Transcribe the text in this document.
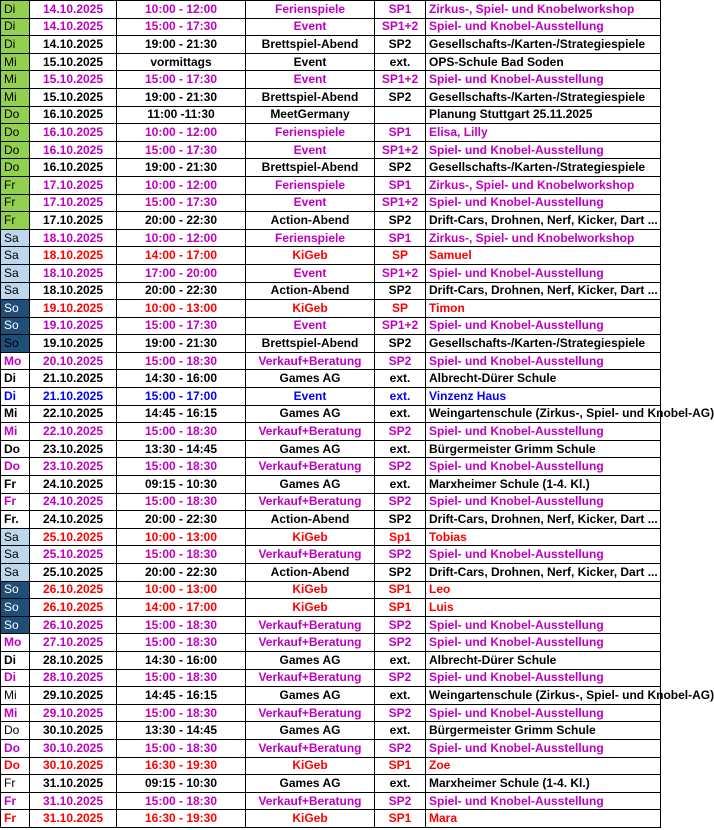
Di	14.10.2025	10:00 - 12:00	Ferienspiele	SP1	Zirkus-, Spiel- und Knobelworkshop
Di	14.10.2025	15:00 - 17:30	Event	SP1+2	Spiel- und Knobel-Ausstellung
Di	14.10.2025	19:00 - 21:30	Brettspiel-Abend	SP2	Gesellschafts-/Karten-/Strategiespiele
Mi	15.10.2025	vormittags	Event	ext.	OPS-Schule Bad Soden
Mi	15.10.2025	15:00 - 17:30	Event	SP1+2	Spiel- und Knobel-Ausstellung
Mi	15.10.2025	19:00 - 21:30	Brettspiel-Abend	SP2	Gesellschafts-/Karten-/Strategiespiele
Do	16.10.2025	11:00 -11:30	MeetGermany		Planung Stuttgart 25.11.2025
Do	16.10.2025	10:00 - 12:00	Ferienspiele	SP1	Elisa, Lilly
Do	16.10.2025	15:00 - 17:30	Event	SP1+2	Spiel- und Knobel-Ausstellung
Do	16.10.2025	19:00 - 21:30	Brettspiel-Abend	SP2	Gesellschafts-/Karten-/Strategiespiele
Fr	17.10.2025	10:00 - 12:00	Ferienspiele	SP1	Zirkus-, Spiel- und Knobelworkshop
Fr	17.10.2025	15:00 - 17:30	Event	SP1+2	Spiel- und Knobel-Ausstellung
Fr	17.10.2025	20:00 - 22:30	Action-Abend	SP2	Drift-Cars, Drohnen, Nerf, Kicker, Dart ...
Sa	18.10.2025	10:00 - 12:00	Ferienspiele	SP1	Zirkus-, Spiel- und Knobelworkshop
Sa	18.10.2025	14:00 - 17:00	KiGeb	SP	Samuel
Sa	18.10.2025	17:00 - 20:00	Event	SP1+2	Spiel- und Knobel-Ausstellung
Sa	18.10.2025	20:00 - 22:30	Action-Abend	SP2	Drift-Cars, Drohnen, Nerf, Kicker, Dart ...
So	19.10.2025	10:00 - 13:00	KiGeb	SP	Timon
So	19.10.2025	15:00 - 17:30	Event	SP1+2	Spiel- und Knobel-Ausstellung
So	19.10.2025	19:00 - 21:30	Brettspiel-Abend	SP2	Gesellschafts-/Karten-/Strategiespiele
Mo	20.10.2025	15:00 - 18:30	Verkauf+Beratung	SP2	Spiel- und Knobel-Ausstellung
Di	21.10.2025	14:30 - 16:00	Games AG	ext.	Albrecht-Dürer Schule
Di	21.10.2025	15:00 - 17:00	Event	ext.	Vinzenz Haus
Mi	22.10.2025	14:45 - 16:15	Games AG	ext.	Weingartenschule (Zirkus-, Spiel- und Knobel-AG)
Mi	22.10.2025	15:00 - 18:30	Verkauf+Beratung	SP2	Spiel- und Knobel-Ausstellung
Do	23.10.2025	13:30 - 14:45	Games AG	ext.	Bürgermeister Grimm Schule
Do	23.10.2025	15:00 - 18:30	Verkauf+Beratung	SP2	Spiel- und Knobel-Ausstellung
Fr	24.10.2025	09:15 - 10:30	Games AG	ext.	Marxheimer Schule (1-4. Kl.)
Fr	24.10.2025	15:00 - 18:30	Verkauf+Beratung	SP2	Spiel- und Knobel-Ausstellung
Fr.	24.10.2025	20:00 - 22:30	Action-Abend	SP2	Drift-Cars, Drohnen, Nerf, Kicker, Dart ...
Sa	25.10.2025	10:00 - 13:00	KiGeb	Sp1	Tobias
Sa	25.10.2025	15:00 - 18:30	Verkauf+Beratung	SP2	Spiel- und Knobel-Ausstellung
Sa	25.10.2025	20:00 - 22:30	Action-Abend	SP2	Drift-Cars, Drohnen, Nerf, Kicker, Dart ...
So	26.10.2025	10:00 - 13:00	KiGeb	SP1	Leo
So	26.10.2025	14:00 - 17:00	KiGeb	SP1	Luis
So	26.10.2025	15:00 - 18:30	Verkauf+Beratung	SP2	Spiel- und Knobel-Ausstellung
Mo	27.10.2025	15:00 - 18:30	Verkauf+Beratung	SP2	Spiel- und Knobel-Ausstellung
Di	28.10.2025	14:30 - 16:00	Games AG	ext.	Albrecht-Dürer Schule
Di	28.10.2025	15:00 - 18:30	Verkauf+Beratung	SP2	Spiel- und Knobel-Ausstellung
Mi	29.10.2025	14:45 - 16:15	Games AG	ext.	Weingartenschule (Zirkus-, Spiel- und Knobel-AG)
Mi	29.10.2025	15:00 - 18:30	Verkauf+Beratung	SP2	Spiel- und Knobel-Ausstellung
Do	30.10.2025	13:30 - 14:45	Games AG	ext.	Bürgermeister Grimm Schule
Do	30.10.2025	15:00 - 18:30	Verkauf+Beratung	SP2	Spiel- und Knobel-Ausstellung
Do	30.10.2025	16:30 - 19:30	KiGeb	SP1	Zoe
Fr	31.10.2025	09:15 - 10:30	Games AG	ext.	Marxheimer Schule (1-4. Kl.)
Fr	31.10.2025	15:00 - 18:30	Verkauf+Beratung	SP2	Spiel- und Knobel-Ausstellung
Fr	31.10.2025	16:30 - 19:30	KiGeb	SP1	Mara
